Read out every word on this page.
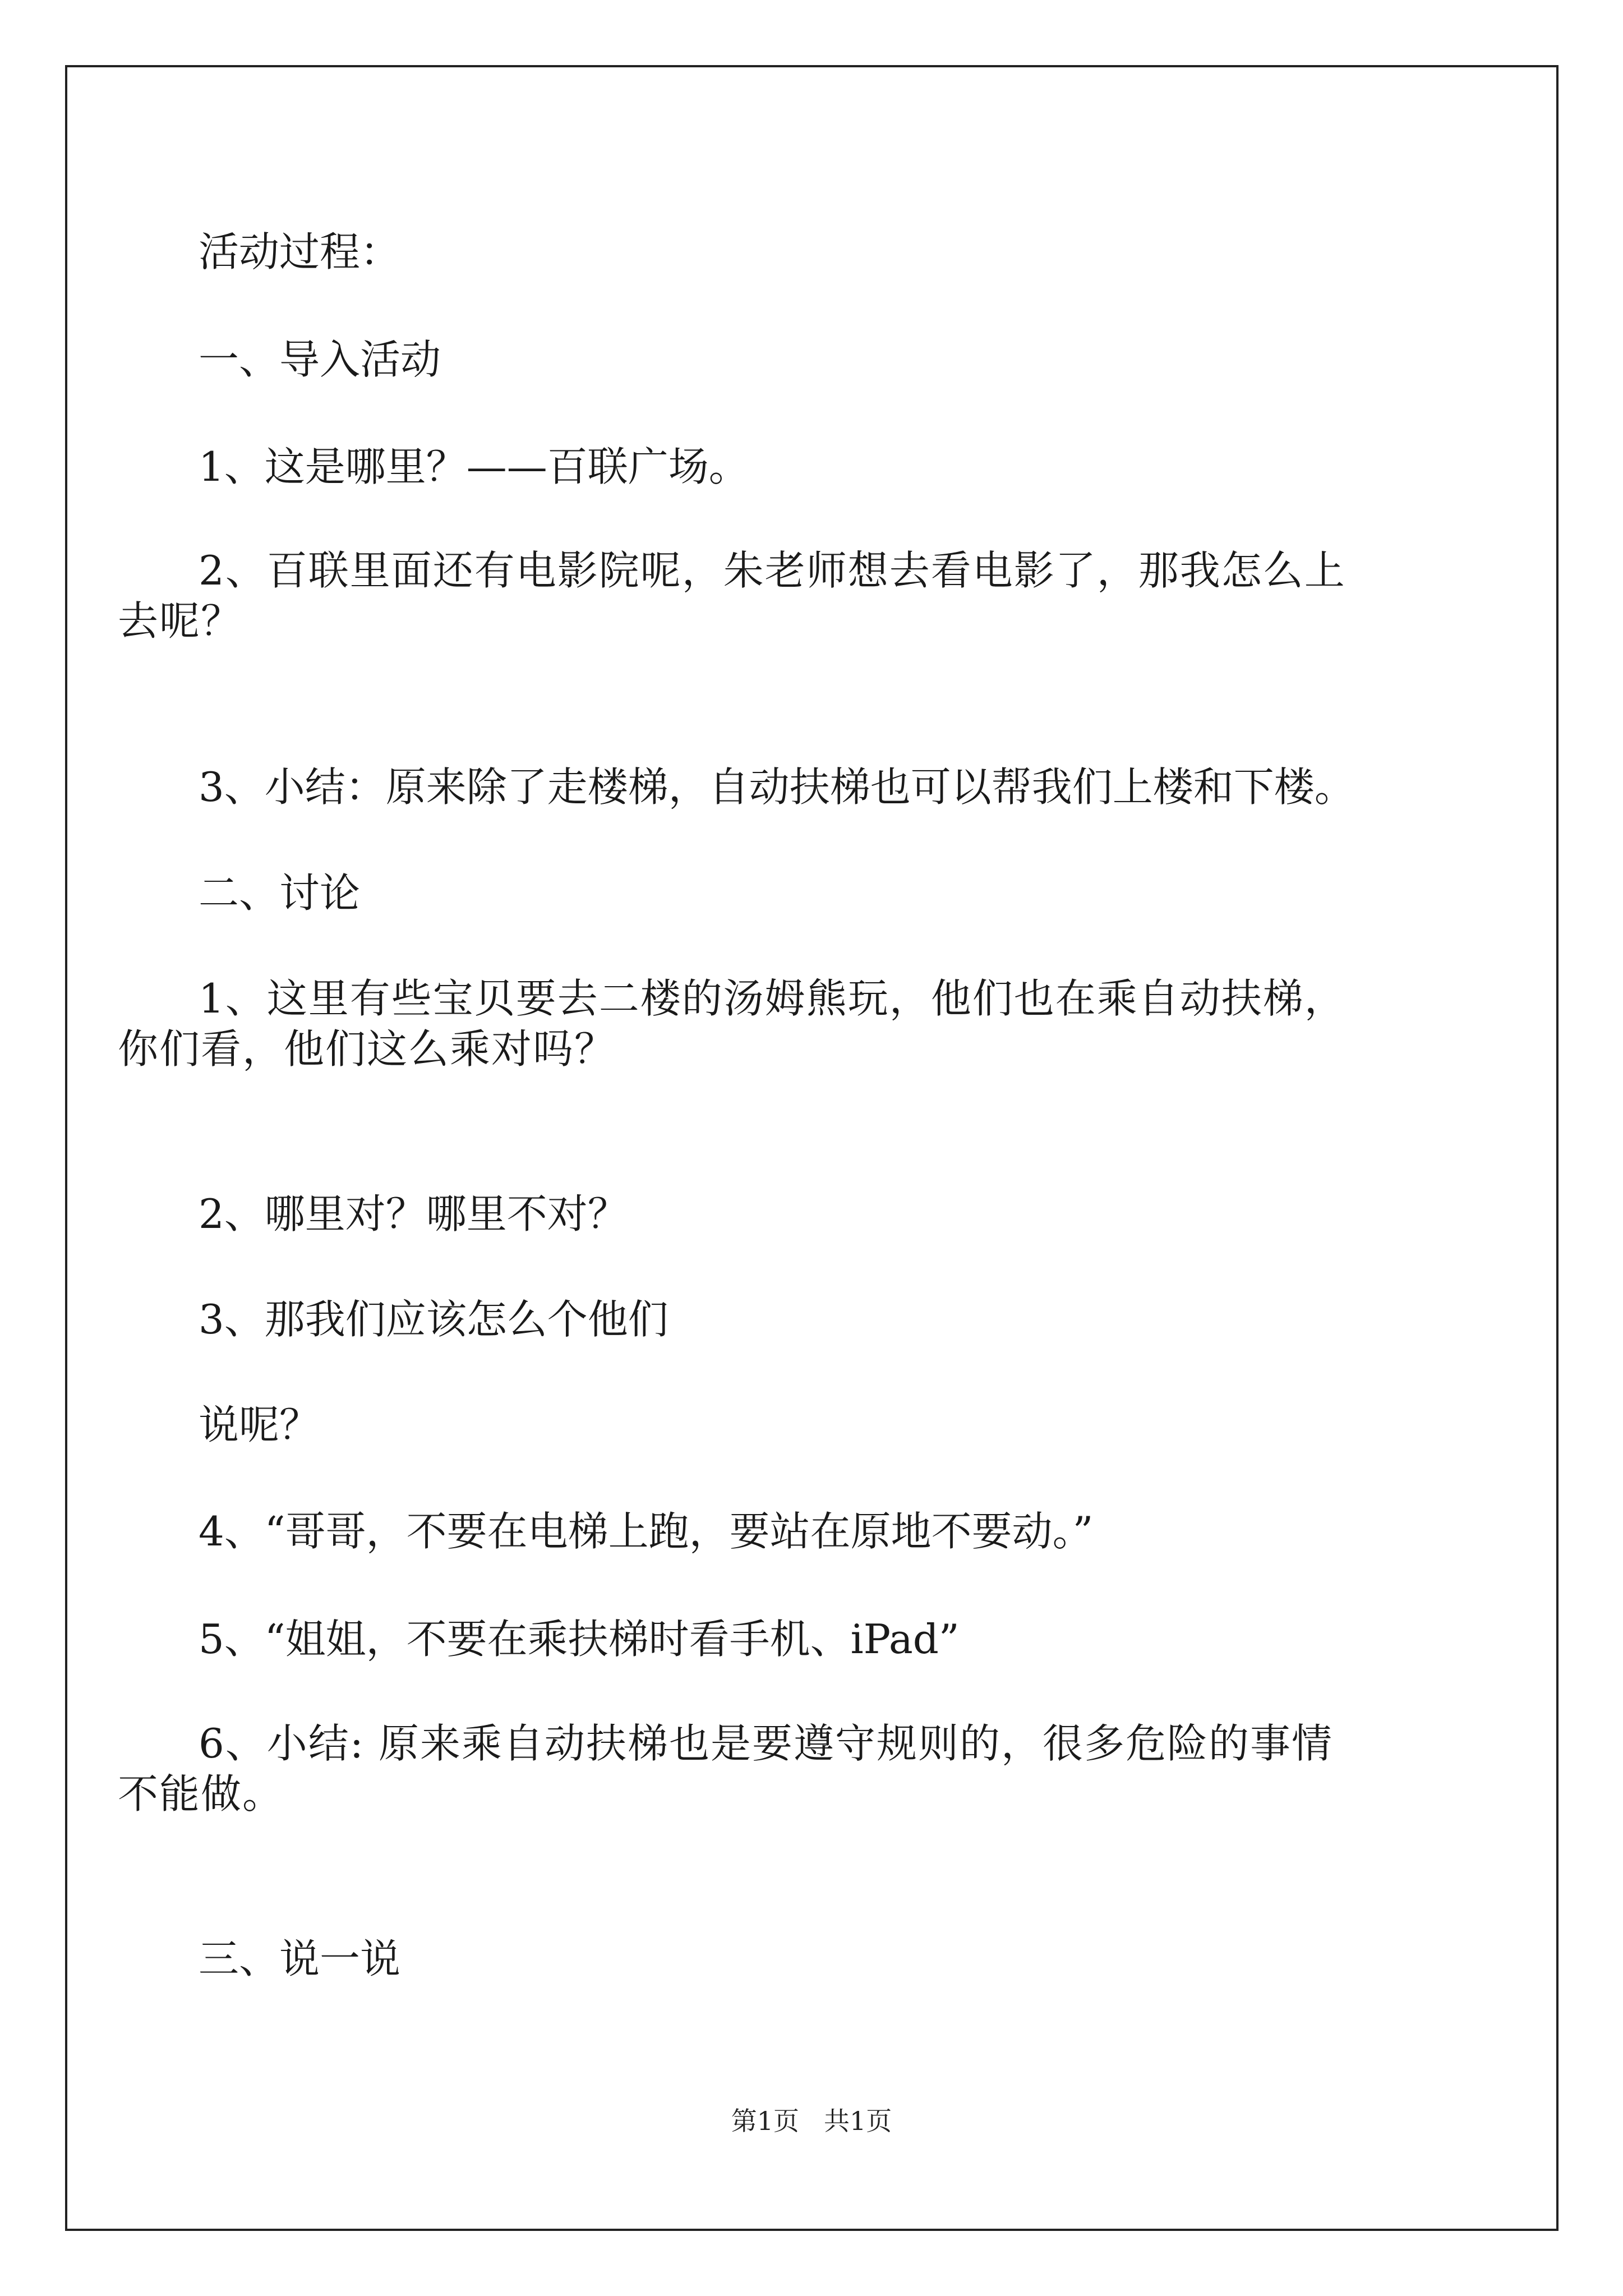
活动过程：

一、导入活动

1、这是哪里？——百联广场。

2、百联里面还有电影院呢，朱老师想去看电影了，那我怎么上去呢？

3、小结：原来除了走楼梯，自动扶梯也可以帮我们上楼和下楼。

二、讨论

1、这里有些宝贝要去二楼的汤姆熊玩，他们也在乘自动扶梯，你们看，他们这么乘对吗？

2、哪里对？哪里不对？

3、那我们应该怎么个他们

说呢？

4、“哥哥，不要在电梯上跑，要站在原地不要动。”

5、“姐姐，不要在乘扶梯时看手机、iPad”

6、小结: 原来乘自动扶梯也是要遵守规则的，很多危险的事情不能做。

三、说一说

第1页 共1页
